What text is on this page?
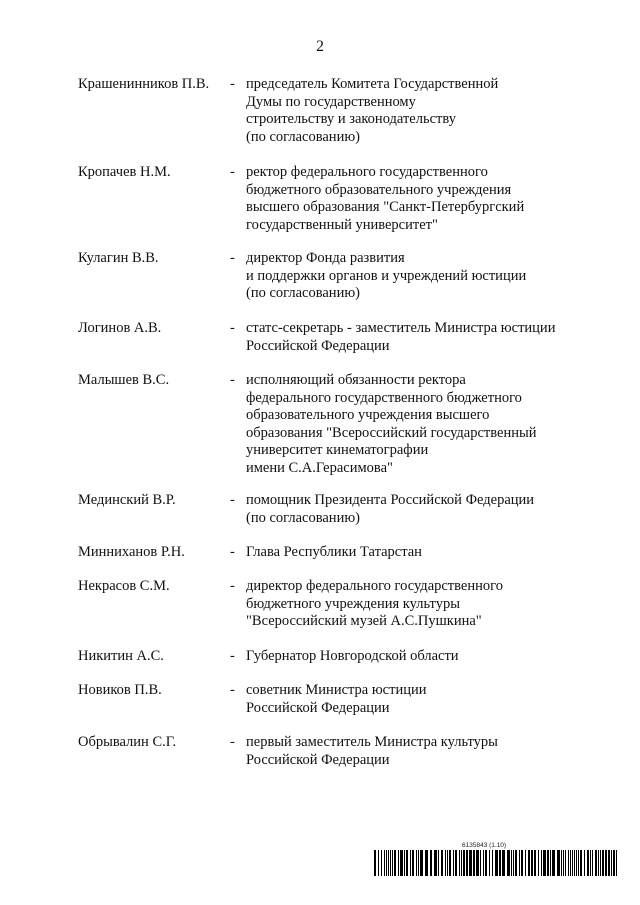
2
Крашенинников П.В. - председатель Комитета Государственной
Думы по государственному
строительству и законодательству
(по согласованию)
Кропачев Н.М.	- ректор федерального государственного
бюджетного образовательного учреждения
высшего образования "Санкт-Петербургский
государственный университет"
Кулагин В.В.	- директор Фонда развития
и поддержки органов и учреждений юстиции
(по согласованию)
Логинов А.В.	- статс-секретарь - заместитель Министра юстиции
Российской Федерации
Малышев В.С.	- исполняющий обязанности ректора
федерального государственного бюджетного
образовательного учреждения высшего
образования "Всероссийский государственный
университет кинематографии
имени С.А.Герасимова"
Мединский В.Р.	- помощник Президента Российской Федерации
(по согласованию)
Минниханов Р.Н.	- Глава Республики Татарстан
Некрасов С.М.	- директор федерального государственного
бюджетного учреждения культуры
"Всероссийский музей А.С.Пушкина"
Никитин А.С.	- Губернатор Новгородской области
Новиков П.В.	- советник Министра юстиции
Российской Федерации
Обрывалин С.Г.	- первый заместитель Министра культуры
Российской Федерации
6135843 (1.10)
